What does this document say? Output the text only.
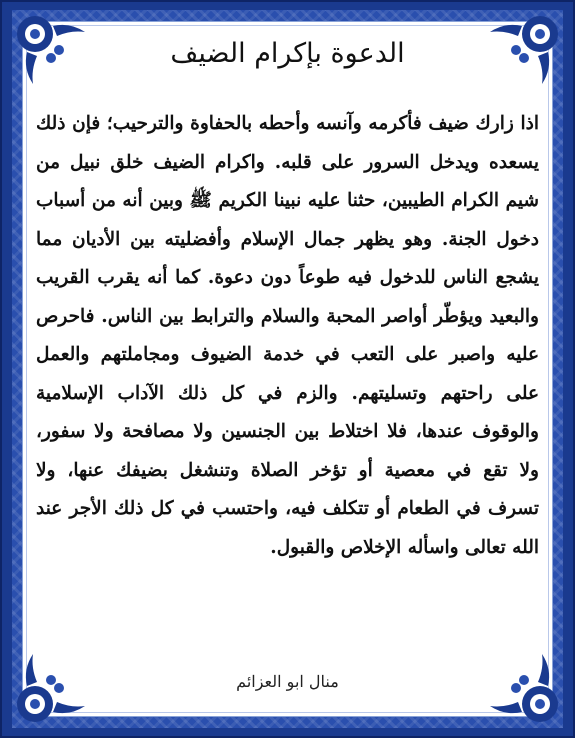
الدعوة بإكرام الضيف
اذا زارك ضيف فأكرمه وآنسه وأحطه بالحفاوة والترحيب؛ فإن ذلك يسعده ويدخل السرور على قلبه. واكرام الضيف خلق نبيل من شيم الكرام الطيبين، حثنا عليه نبينا الكريم ﷺ وبين أنه من أسباب دخول الجنة. وهو يظهر جمال الإسلام وأفضليته بين الأديان مما يشجع الناس للدخول فيه طوعاً دون دعوة. كما أنه يقرب القريب والبعيد ويؤطّر أواصر المحبة والسلام والترابط بين الناس. فاحرص عليه واصبر على التعب في خدمة الضيوف ومجاملتهم والعمل على راحتهم وتسليتهم. والزم في كل ذلك الآداب الإسلامية والوقوف عندها، فلا اختلاط بين الجنسين ولا مصافحة ولا سفور، ولا تقع في معصية أو تؤخر الصلاة وتنشغل بضيفك عنها، ولا تسرف في الطعام أو تتكلف فيه، واحتسب في كل ذلك الأجر عند الله تعالى واسأله الإخلاص والقبول.
منال ابو العزائم
